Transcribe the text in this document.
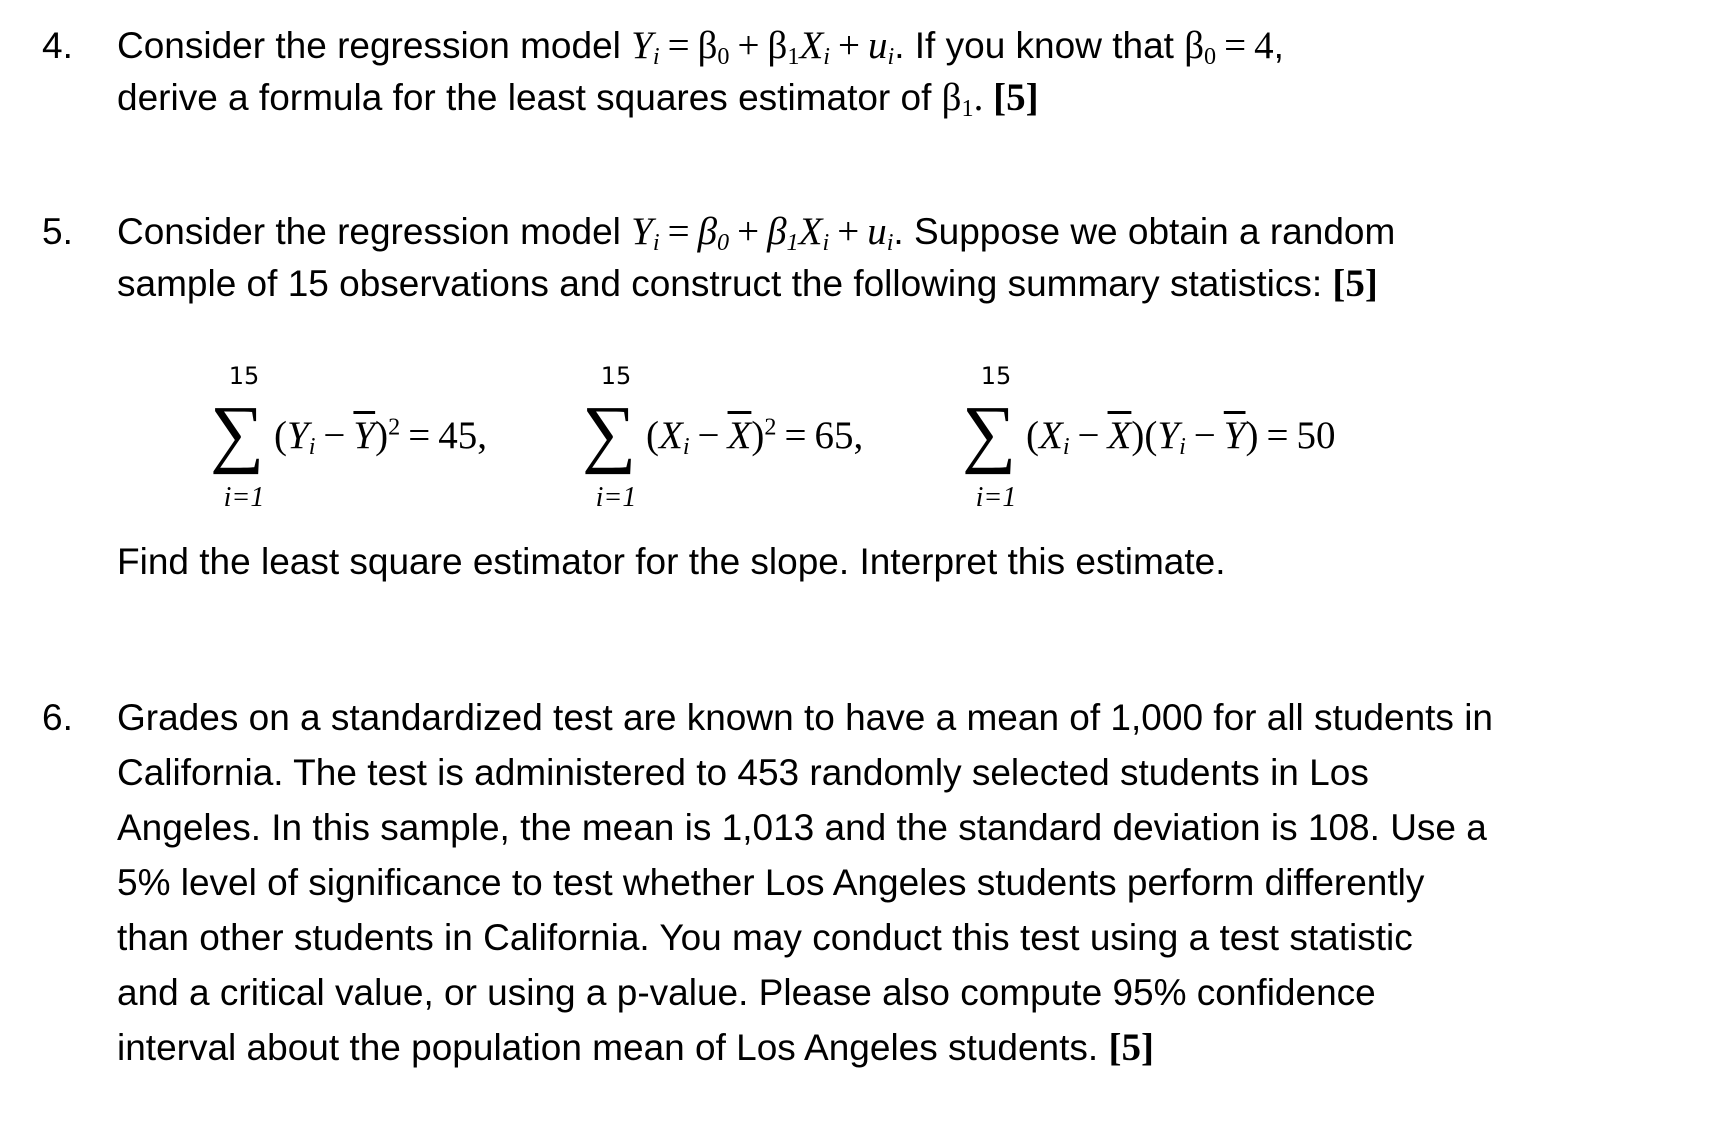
4. Consider the regression model $Y_i = \beta_0 + \beta_1X_i + u_i$. If you know that $\beta_0 = 4$,
derive a formula for the least squares estimator of $\beta_1$. [5]
5. Consider the regression model $Y_i = \beta_0 + \beta_1X_i + u_i$. Suppose we obtain a random
sample of 15 observations and construct the following summary statistics: [5]
15
∑
i=1
$(Y_i - \overline{Y})^2 = 45$,
15
∑
i=1
$(X_i - \overline{X})^2 = 65$,
15
∑
i=1
$(X_i - \overline{X})(Y_i - \overline{Y}) = 50$
Find the least square estimator for the slope. Interpret this estimate.
6. Grades on a standardized test are known to have a mean of 1,000 for all students in
California. The test is administered to 453 randomly selected students in Los
Angeles. In this sample, the mean is 1,013 and the standard deviation is 108. Use a
5% level of significance to test whether Los Angeles students perform differently
than other students in California. You may conduct this test using a test statistic
and a critical value, or using a p-value. Please also compute 95% confidence
interval about the population mean of Los Angeles students. [5]
